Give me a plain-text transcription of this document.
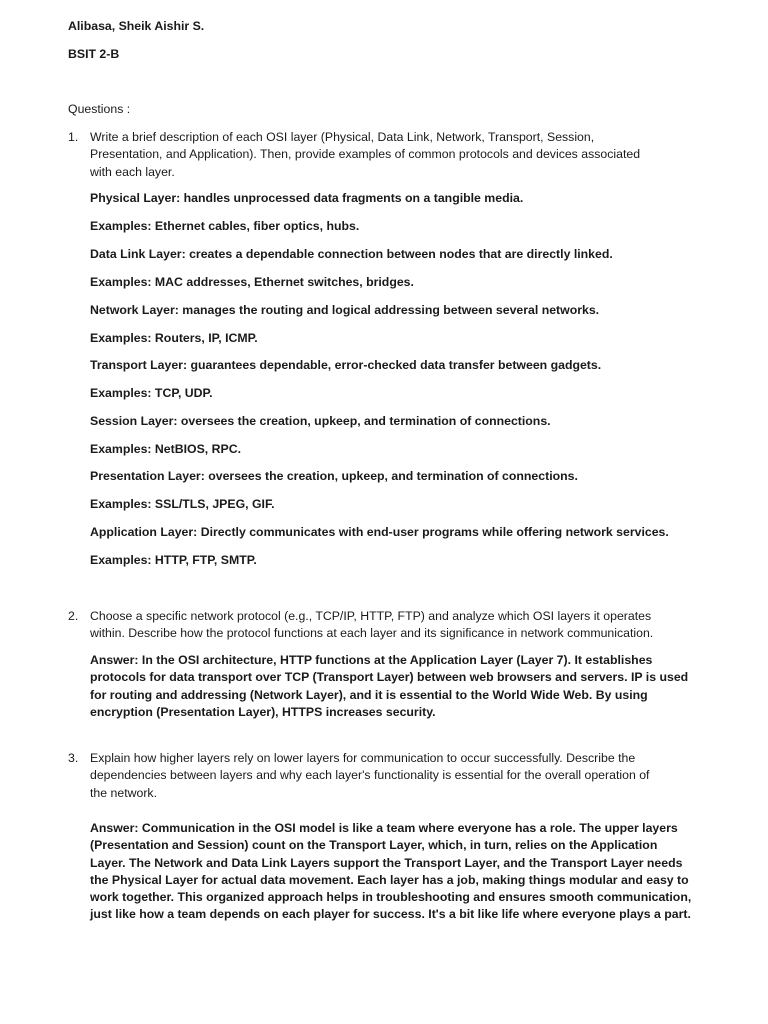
Alibasa, Sheik Aishir S.
BSIT 2-B
Questions :
1. Write a brief description of each OSI layer (Physical, Data Link, Network, Transport, Session,
Presentation, and Application). Then, provide examples of common protocols and devices associated
with each layer.
Physical Layer: handles unprocessed data fragments on a tangible media.
Examples: Ethernet cables, fiber optics, hubs.
Data Link Layer: creates a dependable connection between nodes that are directly linked.
Examples: MAC addresses, Ethernet switches, bridges.
Network Layer: manages the routing and logical addressing between several networks.
Examples: Routers, IP, ICMP.
Transport Layer: guarantees dependable, error-checked data transfer between gadgets.
Examples: TCP, UDP.
Session Layer: oversees the creation, upkeep, and termination of connections.
Examples: NetBIOS, RPC.
Presentation Layer: oversees the creation, upkeep, and termination of connections.
Examples: SSL/TLS, JPEG, GIF.
Application Layer: Directly communicates with end-user programs while offering network services.
Examples: HTTP, FTP, SMTP.
2. Choose a specific network protocol (e.g., TCP/IP, HTTP, FTP) and analyze which OSI layers it operates
within. Describe how the protocol functions at each layer and its significance in network communication.
Answer: In the OSI architecture, HTTP functions at the Application Layer (Layer 7). It establishes
protocols for data transport over TCP (Transport Layer) between web browsers and servers. IP is used
for routing and addressing (Network Layer), and it is essential to the World Wide Web. By using
encryption (Presentation Layer), HTTPS increases security.
3. Explain how higher layers rely on lower layers for communication to occur successfully. Describe the
dependencies between layers and why each layer's functionality is essential for the overall operation of
the network.
Answer: Communication in the OSI model is like a team where everyone has a role. The upper layers
(Presentation and Session) count on the Transport Layer, which, in turn, relies on the Application
Layer. The Network and Data Link Layers support the Transport Layer, and the Transport Layer needs
the Physical Layer for actual data movement. Each layer has a job, making things modular and easy to
work together. This organized approach helps in troubleshooting and ensures smooth communication,
just like how a team depends on each player for success. It's a bit like life where everyone plays a part.
